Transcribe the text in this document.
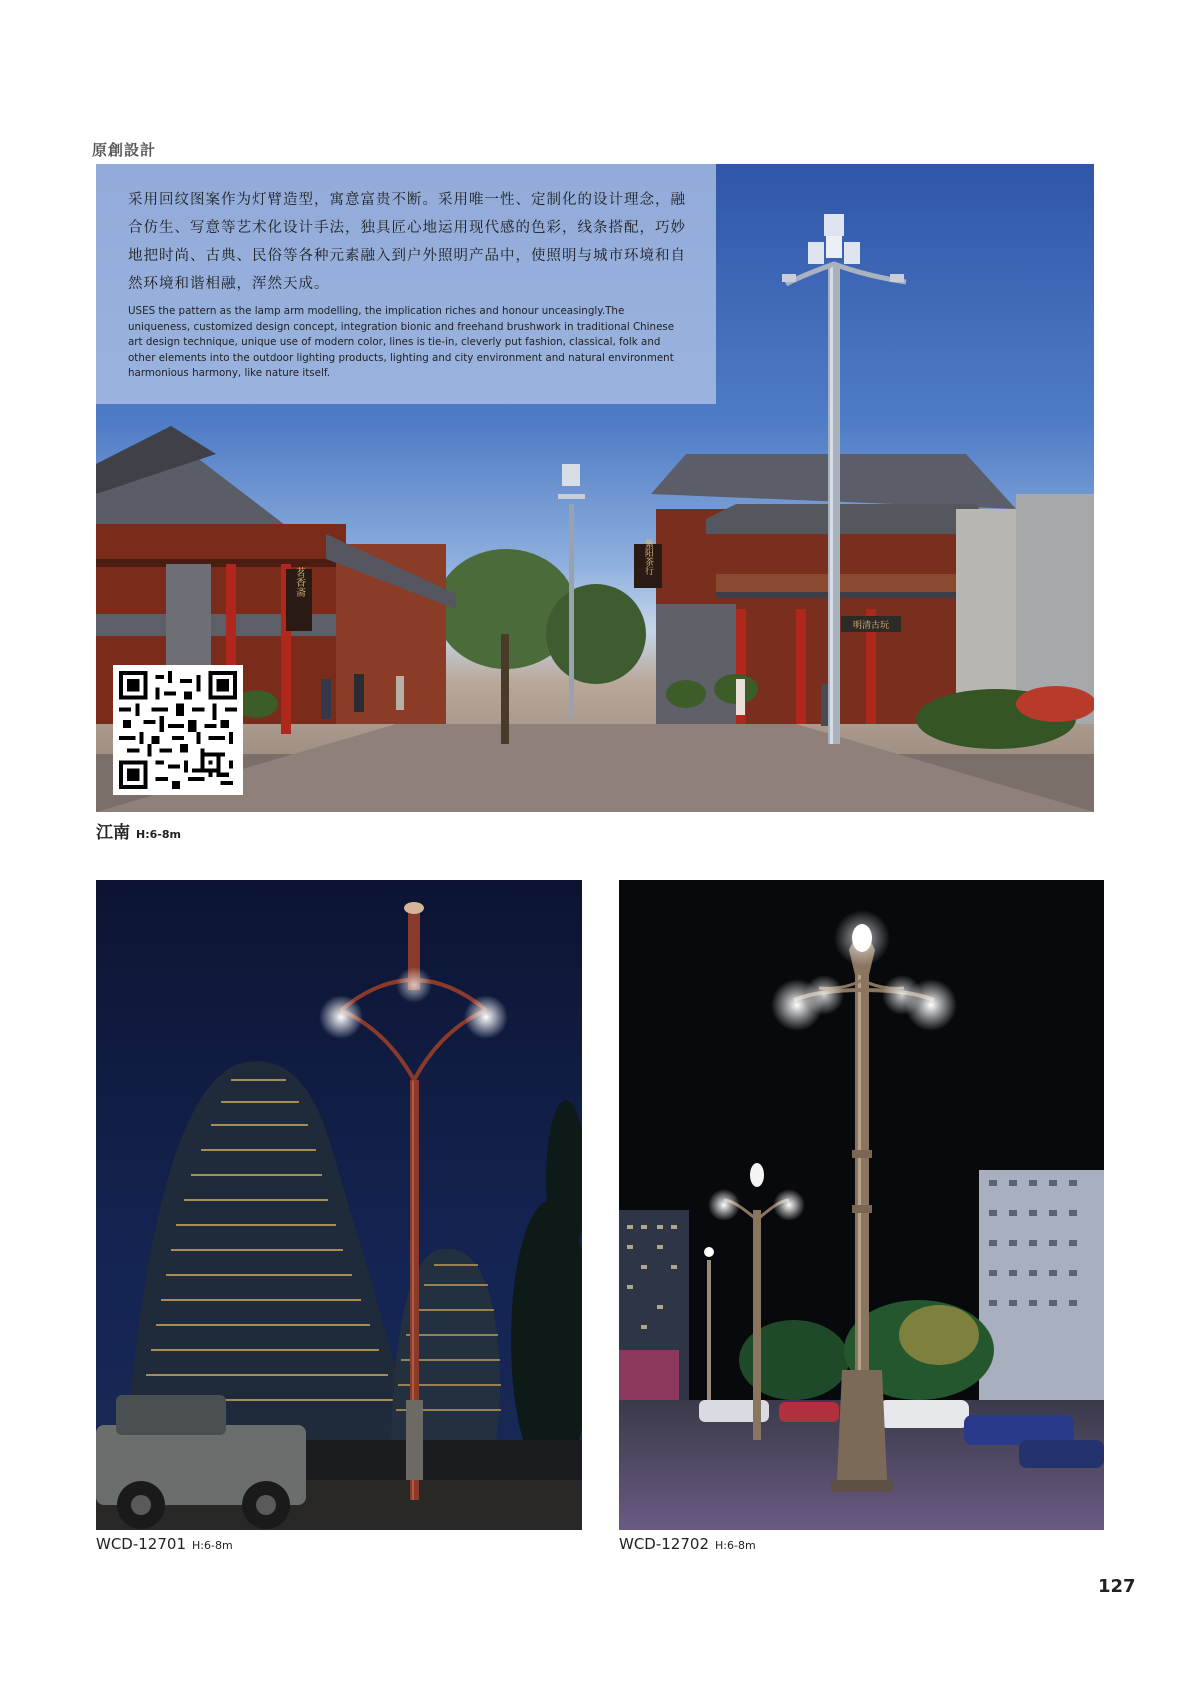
原創設計
茗香斋
紫阳茶行
明清古玩
采用回纹图案作为灯臂造型，寓意富贵不断。采用唯一性、定制化的设计理念，融合仿生、写意等艺术化设计手法，独具匠心地运用现代感的色彩，线条搭配，巧妙地把时尚、古典、民俗等各种元素融入到户外照明产品中，使照明与城市环境和自然环境和谐相融，浑然天成。
USES the pattern as the lamp arm modelling, the implication riches and honour unceasingly.The uniqueness, customized design concept, integration bionic and freehand brushwork in traditional Chinese art design technique, unique use of modern color, lines is tie-in, cleverly put fashion, classical, folk and other elements into the outdoor lighting products, lighting and city environment and natural environment harmonious harmony, like nature itself.
江南 H:6-8m
WCD-12701 H:6-8m	WCD-12702 H:6-8m
127
